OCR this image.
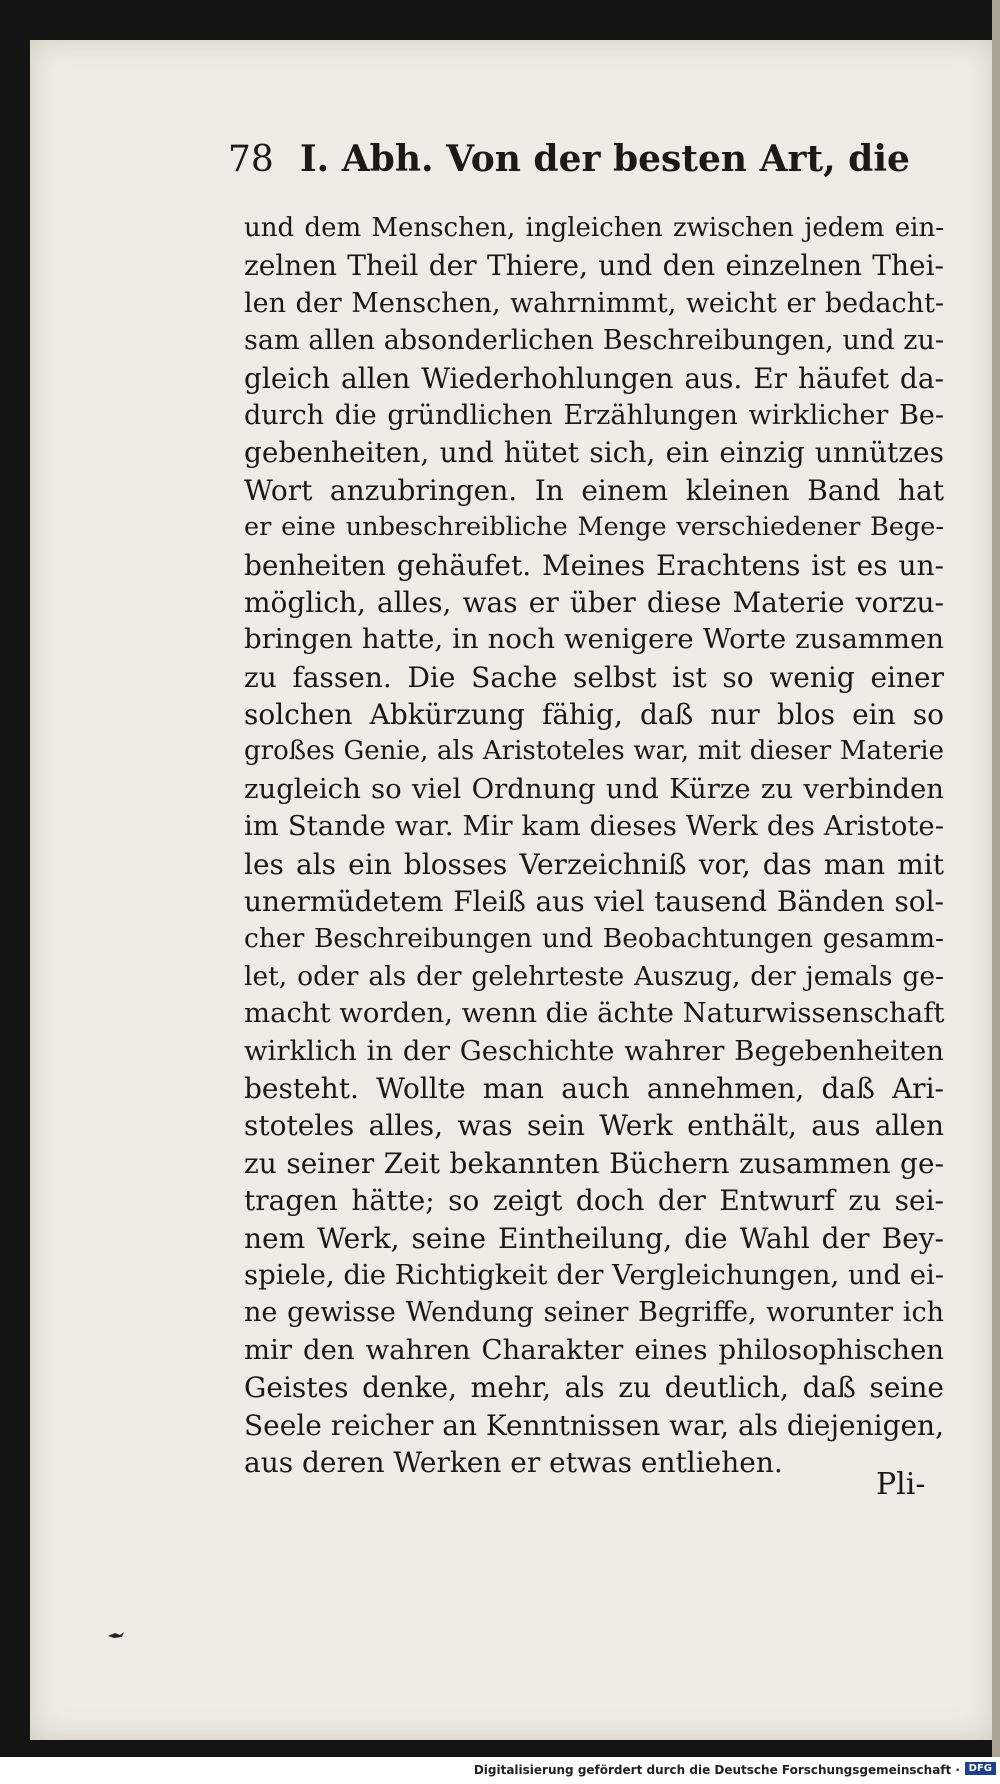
78 I. Abh. Von der besten Art, die
und dem Menschen, ingleichen zwischen jedem ein-
zelnen Theil der Thiere, und den einzelnen Thei-
len der Menschen, wahrnimmt, weicht er bedacht-
sam allen absonderlichen Beschreibungen, und zu-
gleich allen Wiederhohlungen aus. Er häufet da-
durch die gründlichen Erzählungen wirklicher Be-
gebenheiten, und hütet sich, ein einzig unnützes
Wort anzubringen. In einem kleinen Band hat
er eine unbeschreibliche Menge verschiedener Bege-
benheiten gehäufet. Meines Erachtens ist es un-
möglich, alles, was er über diese Materie vorzu-
bringen hatte, in noch wenigere Worte zusammen
zu fassen. Die Sache selbst ist so wenig einer
solchen Abkürzung fähig, daß nur blos ein so
großes Genie, als Aristoteles war, mit dieser Materie
zugleich so viel Ordnung und Kürze zu verbinden
im Stande war. Mir kam dieses Werk des Aristote-
les als ein blosses Verzeichniß vor, das man mit
unermüdetem Fleiß aus viel tausend Bänden sol-
cher Beschreibungen und Beobachtungen gesamm-
let, oder als der gelehrteste Auszug, der jemals ge-
macht worden, wenn die ächte Naturwissenschaft
wirklich in der Geschichte wahrer Begebenheiten
besteht. Wollte man auch annehmen, daß Ari-
stoteles alles, was sein Werk enthält, aus allen
zu seiner Zeit bekannten Büchern zusammen ge-
tragen hätte; so zeigt doch der Entwurf zu sei-
nem Werk, seine Eintheilung, die Wahl der Bey-
spiele, die Richtigkeit der Vergleichungen, und ei-
ne gewisse Wendung seiner Begriffe, worunter ich
mir den wahren Charakter eines philosophischen
Geistes denke, mehr, als zu deutlich, daß seine
Seele reicher an Kenntnissen war, als diejenigen,
aus deren Werken er etwas entliehen.
Pli-
Digitalisierung gefördert durch die Deutsche Forschungsgemeinschaft · DFG
